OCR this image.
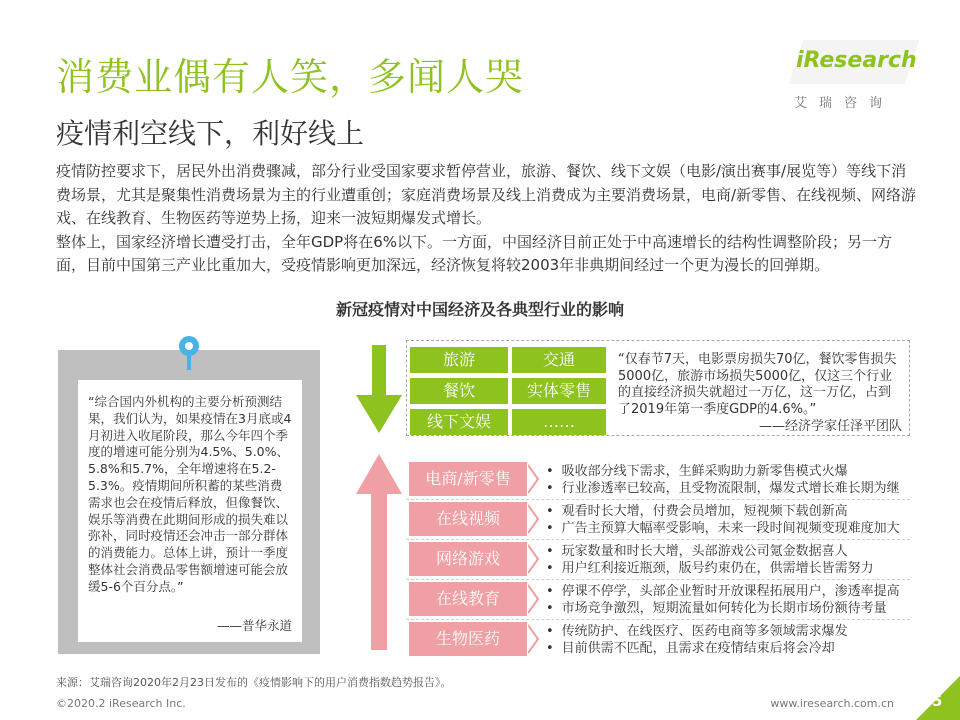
消费业偶有人笑，多闻人哭
疫情利空线下，利好线上
iResearch
艾瑞咨询

疫情防控要求下，居民外出消费骤减，部分行业受国家要求暂停营业，旅游、餐饮、线下文娱（电影/演出赛事/展览等）等线下消费场景，尤其是聚集性消费场景为主的行业遭重创；家庭消费场景及线上消费成为主要消费场景，电商/新零售、在线视频、网络游戏、在线教育、生物医药等逆势上扬，迎来一波短期爆发式增长。

整体上，国家经济增长遭受打击，全年GDP将在6%以下。一方面，中国经济目前正处于中高速增长的结构性调整阶段；另一方面，目前中国第三产业比重加大，受疫情影响更加深远，经济恢复将较2003年非典期间经过一个更为漫长的回弹期。

新冠疫情对中国经济及各典型行业的影响
“综合国内外机构的主要分析预测结果，我们认为，如果疫情在3月底或4月初进入收尾阶段，那么今年四个季度的增速可能分别为4.5%、5.0%、5.8%和5.7%，全年增速将在5.2-5.3%。疫情期间所积蓄的某些消费需求也会在疫情后释放，但像餐饮、娱乐等消费在此期间形成的损失难以弥补，同时疫情还会冲击一部分群体的消费能力。总体上讲，预计一季度整体社会消费品零售额增速可能会放缓5-6个百分点。”
——普华永道
旅游	交通
餐饮	实体零售
线下文娱	……
“仅春节7天，电影票房损失70亿，餐饮零售损失5000亿，旅游市场损失5000亿，仅这三个行业的直接经济损失就超过一万亿，这一万亿，占到了2019年第一季度GDP的4.6%。”
——经济学家任泽平团队
电商/新零售	• 吸收部分线下需求，生鲜采购助力新零售模式火爆
• 行业渗透率已较高，且受物流限制，爆发式增长难长期为继
在线视频	• 观看时长大增，付费会员增加，短视频下载创新高
• 广告主预算大幅率受影响，未来一段时间视频变现难度加大
网络游戏	• 玩家数量和时长大增，头部游戏公司氪金数据喜人
• 用户红利接近瓶颈，版号约束仍在，供需增长皆需努力
在线教育	• 停课不停学，头部企业暂时开放课程拓展用户，渗透率提高
• 市场竞争激烈，短期流量如何转化为长期市场份额待考量
生物医药	• 传统防护、在线医疗、医药电商等多领域需求爆发
• 目前供需不匹配，且需求在疫情结束后将会冷却
来源：艾瑞咨询2020年2月23日发布的《疫情影响下的用户消费指数趋势报告》。
©2020.2 iResearch Inc.	www.iresearch.com.cn	5
